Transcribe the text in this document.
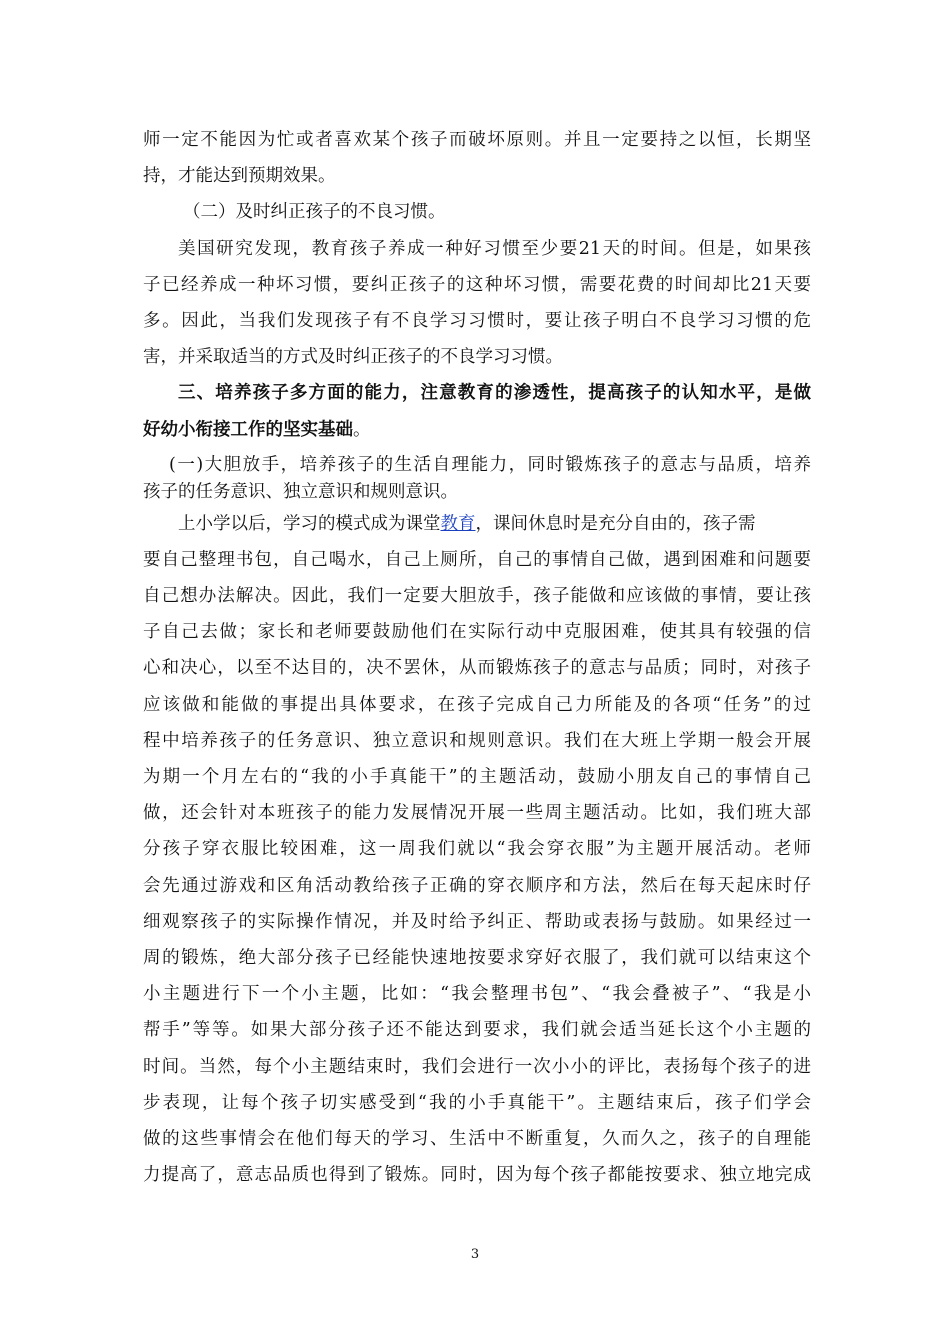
师一定不能因为忙或者喜欢某个孩子而破坏原则。并且一定要持之以恒，长期坚
持，才能达到预期效果。
（二）及时纠正孩子的不良习惯。
美国研究发现，教育孩子养成一种好习惯至少要21天的时间。但是，如果孩
子已经养成一种坏习惯，要纠正孩子的这种坏习惯，需要花费的时间却比21天要
多。因此，当我们发现孩子有不良学习习惯时，要让孩子明白不良学习习惯的危
害，并采取适当的方式及时纠正孩子的不良学习习惯。
三、培养孩子多方面的能力，注意教育的渗透性，提高孩子的认知水平，是做
好幼小衔接工作的坚实基础。
(一)大胆放手，培养孩子的生活自理能力，同时锻炼孩子的意志与品质，培养
孩子的任务意识、独立意识和规则意识。
上小学以后，学习的模式成为课堂教育，课间休息时是充分自由的，孩子需
要自己整理书包，自己喝水，自己上厕所，自己的事情自己做，遇到困难和问题要
自己想办法解决。因此，我们一定要大胆放手，孩子能做和应该做的事情，要让孩
子自己去做；家长和老师要鼓励他们在实际行动中克服困难，使其具有较强的信
心和决心，以至不达目的，决不罢休，从而锻炼孩子的意志与品质；同时，对孩子
应该做和能做的事提出具体要求，在孩子完成自己力所能及的各项“任务”的过
程中培养孩子的任务意识、独立意识和规则意识。我们在大班上学期一般会开展
为期一个月左右的“我的小手真能干”的主题活动，鼓励小朋友自己的事情自己
做，还会针对本班孩子的能力发展情况开展一些周主题活动。比如，我们班大部
分孩子穿衣服比较困难，这一周我们就以“我会穿衣服”为主题开展活动。老师
会先通过游戏和区角活动教给孩子正确的穿衣顺序和方法，然后在每天起床时仔
细观察孩子的实际操作情况，并及时给予纠正、帮助或表扬与鼓励。如果经过一
周的锻炼，绝大部分孩子已经能快速地按要求穿好衣服了，我们就可以结束这个
小主题进行下一个小主题，比如：“我会整理书包”、“我会叠被子”、“我是小
帮手”等等。如果大部分孩子还不能达到要求，我们就会适当延长这个小主题的
时间。当然，每个小主题结束时，我们会进行一次小小的评比，表扬每个孩子的进
步表现，让每个孩子切实感受到“我的小手真能干”。主题结束后，孩子们学会
做的这些事情会在他们每天的学习、生活中不断重复，久而久之，孩子的自理能
力提高了，意志品质也得到了锻炼。同时，因为每个孩子都能按要求、独立地完成
3
